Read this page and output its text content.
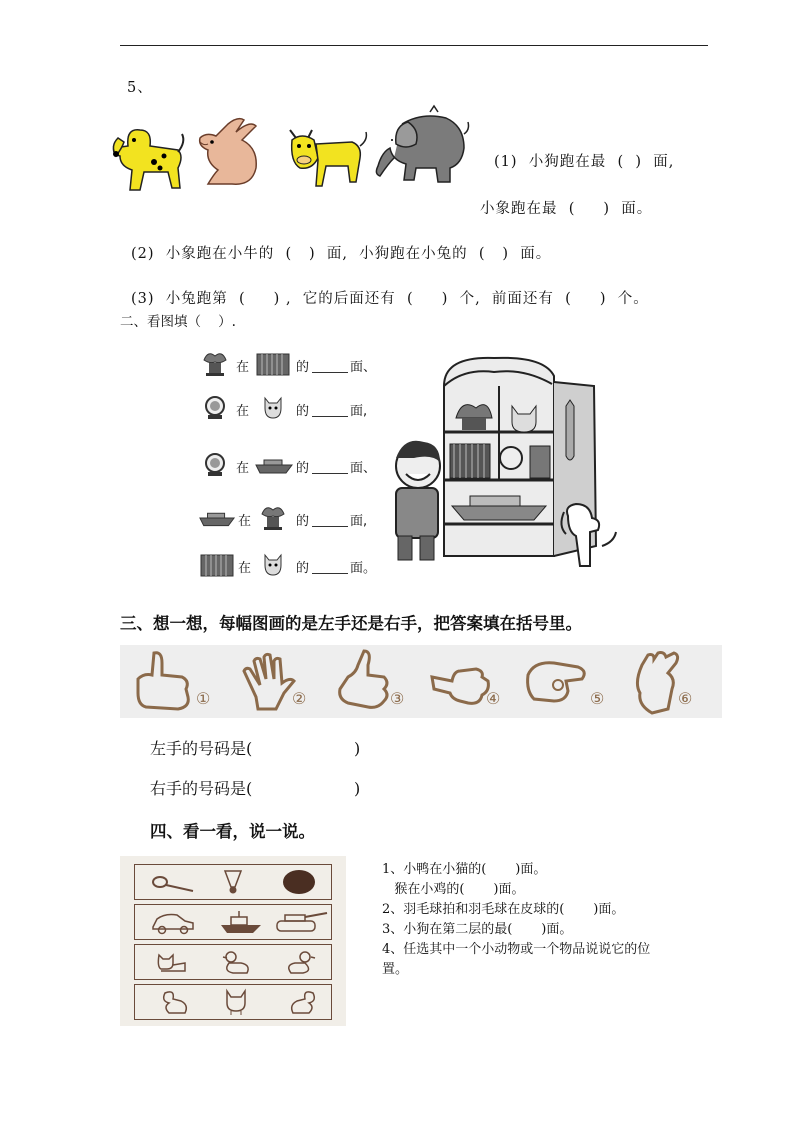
5、
(1)  小狗跑在最  (  )  面,
小象跑在最  (     )  面。
(2)  小象跑在小牛的  (   )  面,  小狗跑在小兔的  (   )  面。
(3)  小兔跑第  (     ) ,  它的后面还有  (     )  个,  前面还有  (     )  个。
二、看图填（    ）.
在	的	面、
在	的	面,
在	的	面、
在	的	面,
在	的	面。
三、想一想，每幅图画的是左手还是右手，把答案填在括号里。
①	②	③	④	⑤	⑥
左手的号码是(                    )
右手的号码是(                    )
四、看一看，说一说。
1、小鸭在小猫的(       )面。
猴在小鸡的(       )面。
2、羽毛球拍和羽毛球在皮球的(       )面。
3、小狗在第二层的最(       )面。
4、任选其中一个小动物或一个物品说说它的位
置。
